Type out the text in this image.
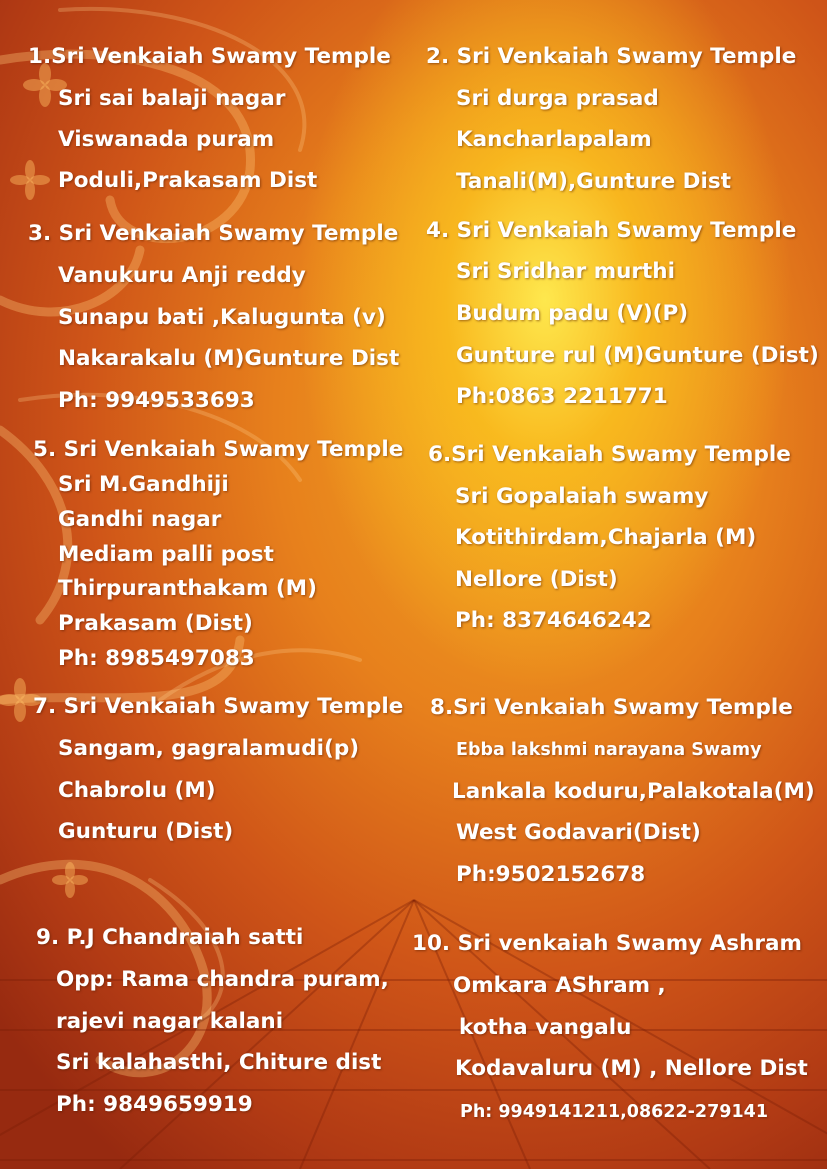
1.Sri Venkaiah Swamy Temple
Sri sai balaji nagar
Viswanada puram
Poduli,Prakasam Dist
2. Sri Venkaiah Swamy Temple
Sri durga prasad
Kancharlapalam
Tanali(M),Gunture Dist
3. Sri Venkaiah Swamy Temple
Vanukuru Anji reddy
Sunapu bati ,Kalugunta (v)
Nakarakalu (M)Gunture Dist
Ph: 9949533693
4. Sri Venkaiah Swamy Temple
Sri Sridhar murthi
Budum padu (V)(P)
Gunture rul (M)Gunture (Dist)
Ph:0863 2211771
5. Sri Venkaiah Swamy Temple
Sri M.Gandhiji
Gandhi nagar
Mediam palli post
Thirpuranthakam (M)
Prakasam (Dist)
Ph: 8985497083
6.Sri Venkaiah Swamy Temple
Sri Gopalaiah swamy
Kotithirdam,Chajarla (M)
Nellore (Dist)
Ph: 8374646242
7. Sri Venkaiah Swamy Temple
Sangam, gagralamudi(p)
Chabrolu (M)
Gunturu (Dist)
8.Sri Venkaiah Swamy Temple
Ebba lakshmi narayana Swamy
Lankala koduru,Palakotala(M)
West Godavari(Dist)
Ph:9502152678
9. P.J Chandraiah satti
Opp: Rama chandra puram,
rajevi nagar kalani
Sri kalahasthi, Chiture dist
Ph: 9849659919
10. Sri venkaiah Swamy Ashram
Omkara AShram ,
kotha vangalu
Kodavaluru (M) , Nellore Dist
Ph: 9949141211,08622-279141
